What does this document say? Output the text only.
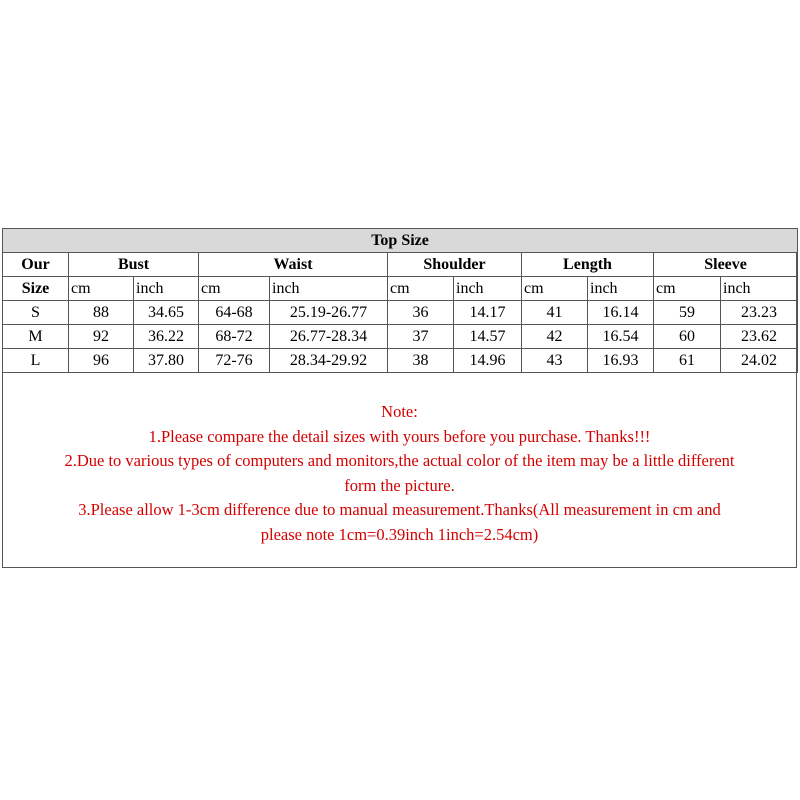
Top Size										
Our	Bust		Waist		Shoulder		Length		Sleeve	
Size	cm	inch	cm	inch	cm	inch	cm	inch	cm	inch
S	88	34.65	64-68	25.19-26.77	36	14.17	41	16.14	59	23.23
M	92	36.22	68-72	26.77-28.34	37	14.57	42	16.54	60	23.62
L	96	37.80	72-76	28.34-29.92	38	14.96	43	16.93	61	24.02

Note:

1.Please compare the detail sizes with yours before you purchase. Thanks!!!

2.Due to various types of computers and monitors,the actual color of the item may be a little different

form the picture.

3.Please allow 1-3cm difference due to manual measurement.Thanks(All measurement in cm and

please note 1cm=0.39inch 1inch=2.54cm)
